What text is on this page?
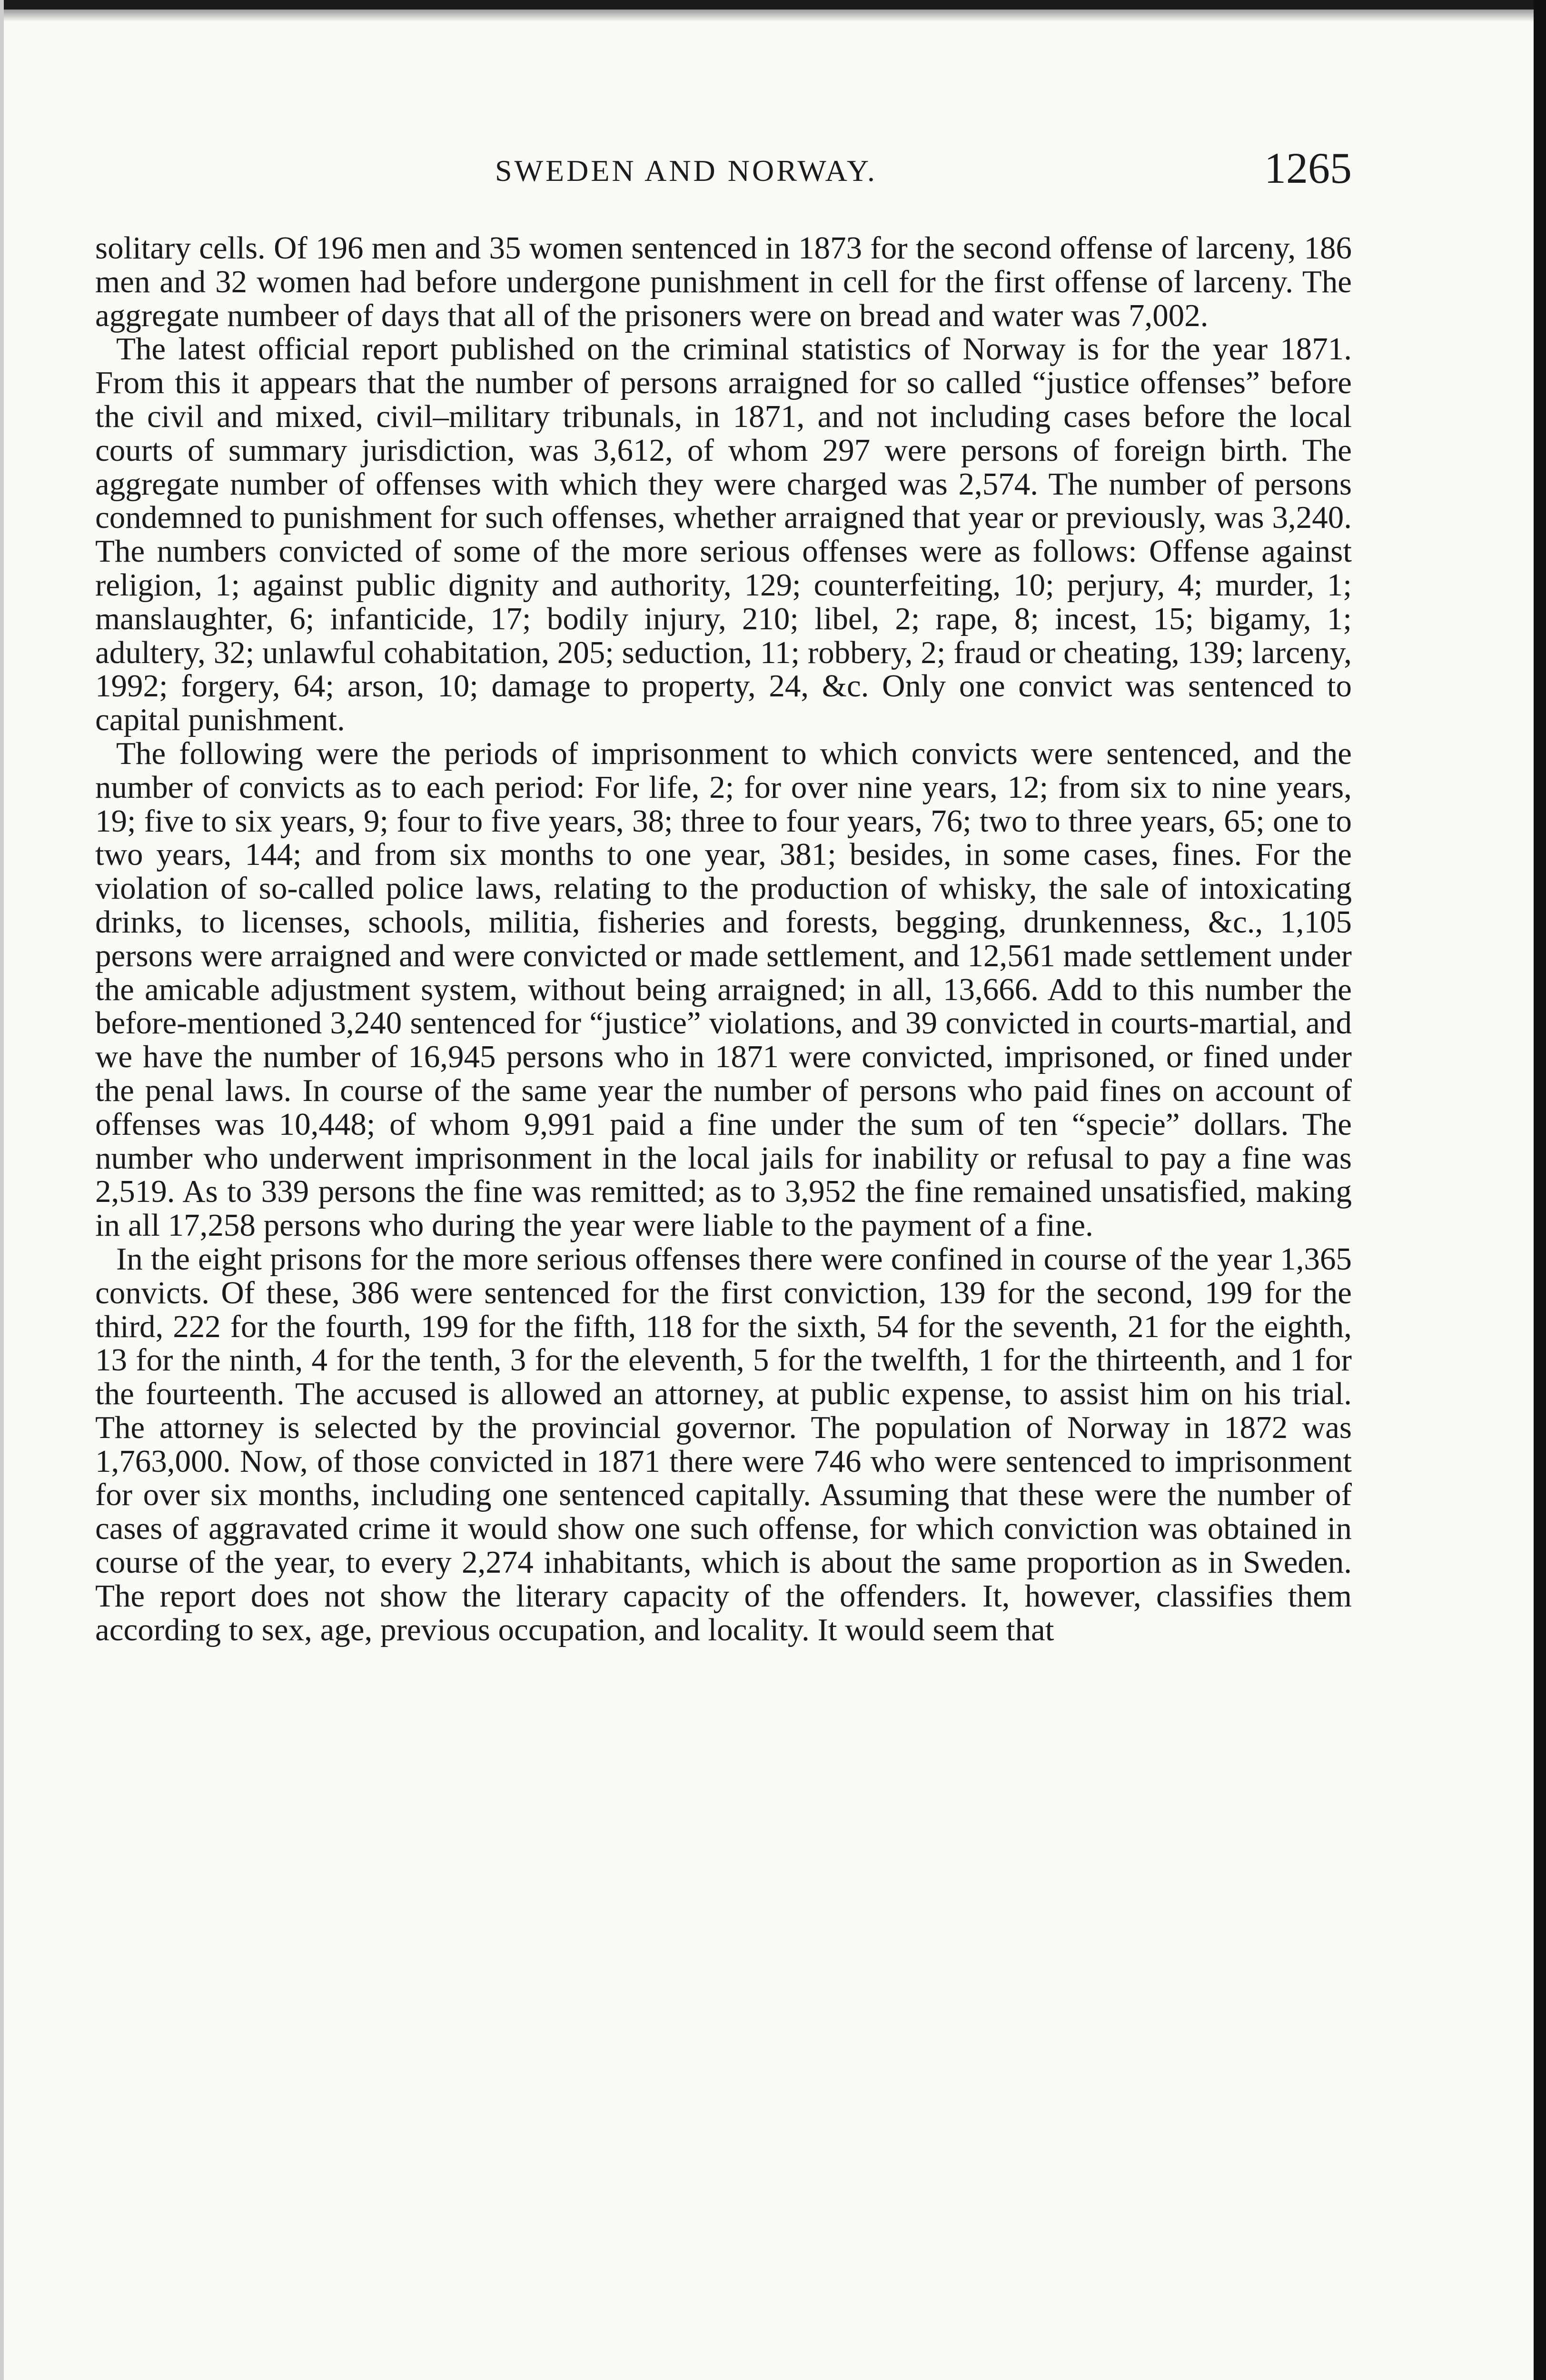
SWEDEN AND NORWAY.	1265

solitary cells. Of 196 men and 35 women sentenced in 1873 for the second offense of larceny, 186 men and 32 women had before undergone punishment in cell for the first offense of larceny. The aggregate numbeer of days that all of the prisoners were on bread and water was 7,002.

The latest official report published on the criminal statistics of Norway is for the year 1871. From this it appears that the number of persons arraigned for so called “justice offenses” before the civil and mixed, civil–military tribunals, in 1871, and not including cases before the local courts of summary jurisdiction, was 3,612, of whom 297 were persons of foreign birth. The aggregate number of offenses with which they were charged was 2,574. The number of persons condemned to punishment for such offenses, whether arraigned that year or previously, was 3,240. The numbers convicted of some of the more serious offenses were as follows: Offense against religion, 1; against public dignity and authority, 129; counterfeiting, 10; perjury, 4; murder, 1; manslaughter, 6; infanticide, 17; bodily injury, 210; libel, 2; rape, 8; incest, 15; bigamy, 1; adultery, 32; unlawful cohabitation, 205; seduction, 11; robbery, 2; fraud or cheating, 139; larceny, 1992; forgery, 64; arson, 10; damage to property, 24, &c. Only one convict was sentenced to capital punishment.

The following were the periods of imprisonment to which convicts were sentenced, and the number of convicts as to each period: For life, 2; for over nine years, 12; from six to nine years, 19; five to six years, 9; four to five years, 38; three to four years, 76; two to three years, 65; one to two years, 144; and from six months to one year, 381; besides, in some cases, fines. For the violation of so-called police laws, relating to the production of whisky, the sale of intoxicating drinks, to licenses, schools, militia, fisheries and forests, begging, drunkenness, &c., 1,105 persons were arraigned and were convicted or made settlement, and 12,561 made settlement under the amicable adjustment system, without being arraigned; in all, 13,666. Add to this number the before-mentioned 3,240 sentenced for “justice” violations, and 39 convicted in courts-martial, and we have the number of 16,945 persons who in 1871 were convicted, imprisoned, or fined under the penal laws. In course of the same year the number of persons who paid fines on account of offenses was 10,448; of whom 9,991 paid a fine under the sum of ten “specie” dollars. The number who underwent imprisonment in the local jails for inability or refusal to pay a fine was 2,519. As to 339 persons the fine was remitted; as to 3,952 the fine remained unsatisfied, making in all 17,258 persons who during the year were liable to the payment of a fine.

In the eight prisons for the more serious offenses there were confined in course of the year 1,365 convicts. Of these, 386 were sentenced for the first conviction, 139 for the second, 199 for the third, 222 for the fourth, 199 for the fifth, 118 for the sixth, 54 for the seventh, 21 for the eighth, 13 for the ninth, 4 for the tenth, 3 for the eleventh, 5 for the twelfth, 1 for the thirteenth, and 1 for the fourteenth. The accused is allowed an attorney, at public expense, to assist him on his trial. The attorney is selected by the provincial governor. The population of Norway in 1872 was 1,763,000. Now, of those convicted in 1871 there were 746 who were sentenced to imprisonment for over six months, including one sentenced capitally. Assuming that these were the number of cases of aggravated crime it would show one such offense, for which conviction was obtained in course of the year, to every 2,274 inhabitants, which is about the same proportion as in Sweden. The report does not show the literary capacity of the offenders. It, however, classifies them according to sex, age, previous occupation, and locality. It would seem that
